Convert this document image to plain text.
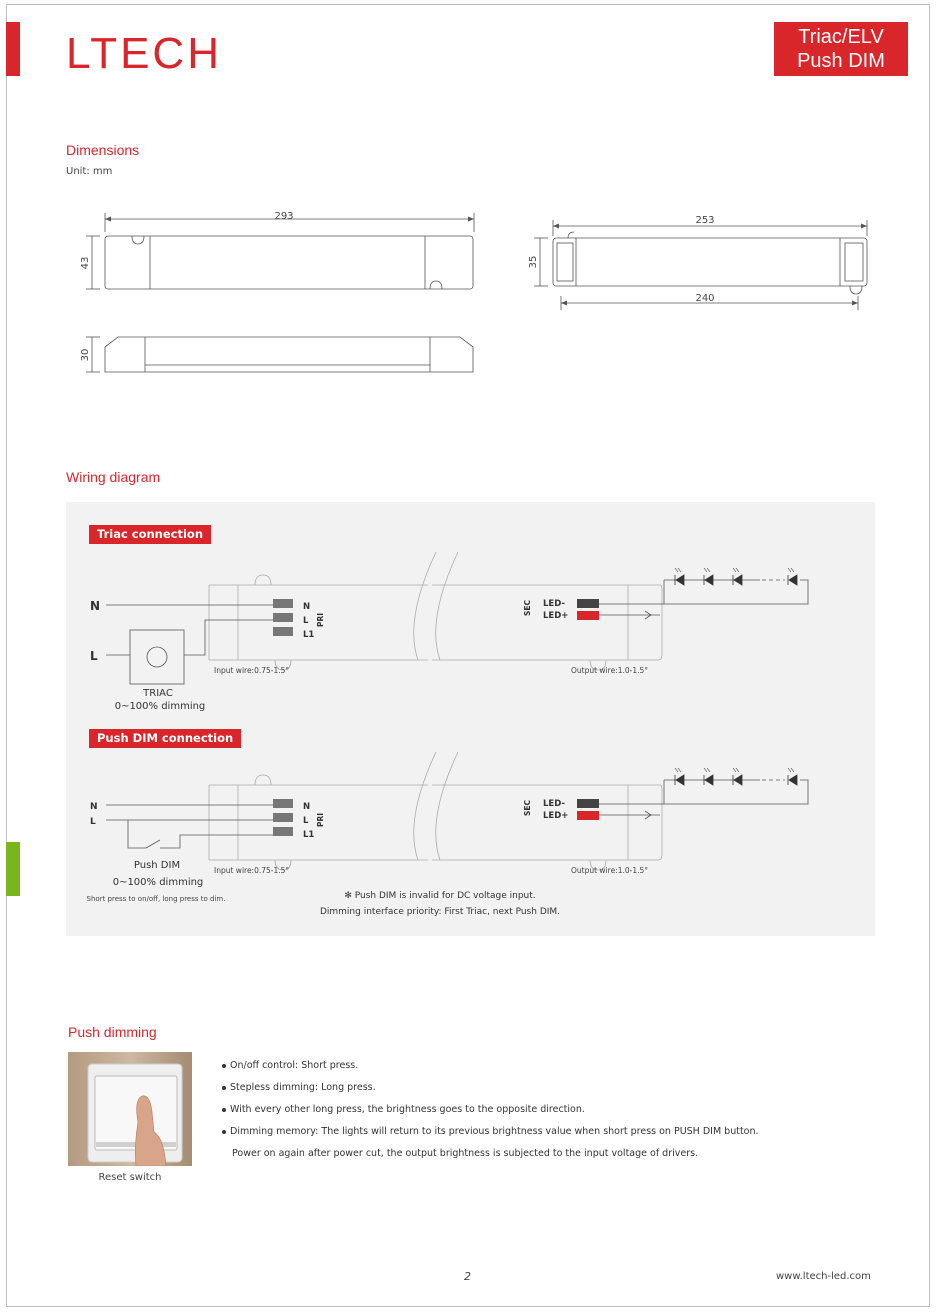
LTECH	Triac/ELV
Push DIM
Dimensions
Unit: mm
293	253
240
43
30
35
Wiring diagram
Triac connection
Push DIM connection
N
L
N
L
L1
PRI
SEC LED-
LED+
Input wire:0.75-1.5°	Output wire:1.0-1.5°
TRIAC
0~100% dimming
N
L
N
L
L1
PRI
SEC LED-
LED+
Input wire:0.75-1.5°	Output wire:1.0-1.5°
Push DIM
0~100% dimming
Short press to on/off, long press to dim.	✻ Push DIM is invalid for DC voltage input.
Dimming interface priority: First Triac, next Push DIM.
Push dimming
Reset switch
On/off control: Short press.
Stepless dimming: Long press.
With every other long press, the brightness goes to the opposite direction.
Dimming memory: The lights will return to its previous brightness value when short press on PUSH DIM button.
Power on again after power cut, the output brightness is subjected to the input voltage of drivers.
2	www.ltech-led.com
